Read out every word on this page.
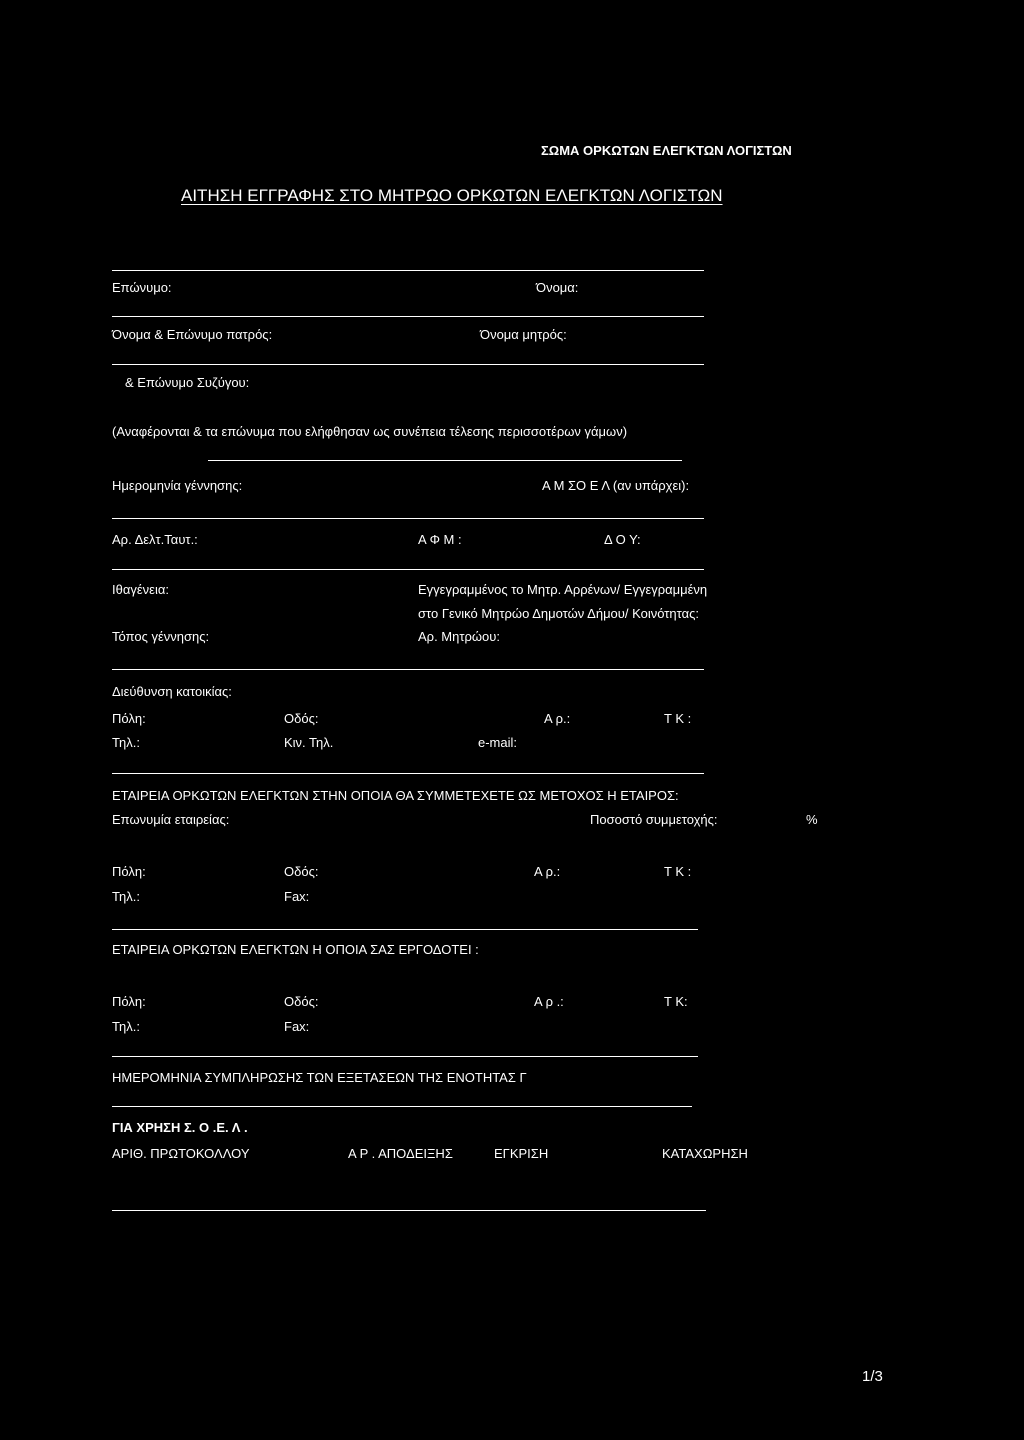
ΣΩΜΑ ΟΡΚΩΤΩΝ ΕΛΕΓΚΤΩΝ ΛΟΓΙΣΤΩΝ
ΑΙΤΗΣΗ ΕΓΓΡΑΦΗΣ ΣΤΟ ΜΗΤΡΩΟ ΟΡΚΩΤΩΝ ΕΛΕΓΚΤΩΝ ΛΟΓΙΣΤΩΝ
Επώνυμο:	Όνομα:
Όνομα & Επώνυμο πατρός:	Όνομα μητρός:
& Επώνυμο Συζύγου:
(Αναφέρονται & τα επώνυμα που ελήφθησαν ως συνέπεια τέλεσης περισσοτέρων γάμων)
Ημερομηνία γέννησης:	Α Μ ΣΟ Ε Λ (αν υπάρχει):
Αρ. Δελτ.Ταυτ.:	Α Φ Μ :	Δ Ο Υ:
Ιθαγένεια:	Εγγεγραμμένος το Μητρ. Αρρένων/ Εγγεγραμμένη
στο Γενικό Μητρώο Δημοτών Δήμου/ Κοινότητας:
Τόπος γέννησης:	Αρ. Μητρώου:
Διεύθυνση κατοικίας:
Πόλη:	Οδός:	Α ρ.:	Τ Κ :
Τηλ.:	Κιν. Τηλ.	e-mail:
ΕΤΑΙΡΕΙΑ ΟΡΚΩΤΩΝ ΕΛΕΓΚΤΩΝ ΣΤΗΝ ΟΠΟΙΑ ΘΑ ΣΥΜΜΕΤΕΧΕΤΕ ΩΣ ΜΕΤΟΧΟΣ Η ΕΤΑΙΡΟΣ:
Επωνυμία εταιρείας:	Ποσοστό συμμετοχής:	%
Πόλη:	Οδός:	Α ρ.:	Τ Κ :
Τηλ.:	Fax:
ΕΤΑΙΡΕΙΑ ΟΡΚΩΤΩΝ ΕΛΕΓΚΤΩΝ Η ΟΠΟΙΑ ΣΑΣ ΕΡΓΟΔΟΤΕΙ :
Πόλη:	Οδός:	Α ρ .:	Τ Κ:
Τηλ.:	Fax:
ΗΜΕΡΟΜΗΝΙΑ ΣΥΜΠΛΗΡΩΣΗΣ ΤΩΝ ΕΞΕΤΑΣΕΩΝ ΤΗΣ ΕΝΟΤΗΤΑΣ Γ
ΓΙΑ ΧΡΗΣΗ Σ. Ο .Ε. Λ .
ΑΡΙΘ. ΠΡΩΤΟΚΟΛΛΟΥ	Α Ρ . ΑΠΟΔΕΙΞΗΣ	ΕΓΚΡΙΣΗ	ΚΑΤΑΧΩΡΗΣΗ
1/3
